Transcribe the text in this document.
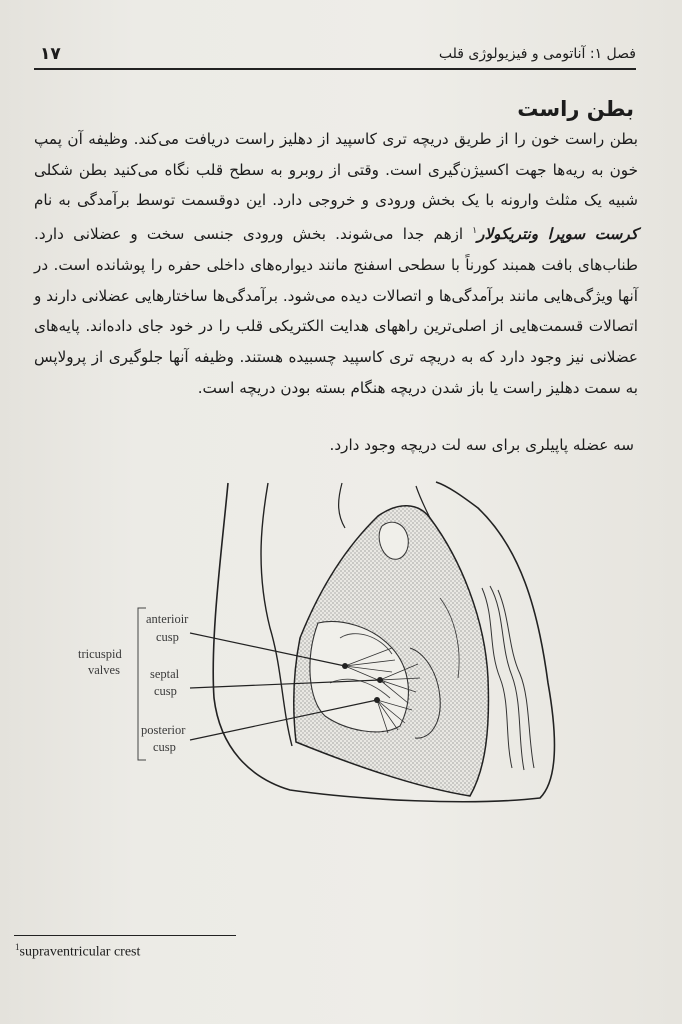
۱۷	فصل ۱: آناتومی و فیزیولوژی قلب
بطن راست
بطن راست خون را از طریق دریچه تری کاسپید از دهلیز راست دریافت می‌کند. وظیفه آن پمپ خون به ریه‌ها جهت اکسیژن‌گیری است. وقتی از روبرو به سطح قلب نگاه می‌کنید بطن شکلی شبیه یک مثلث وارونه با یک بخش ورودی و خروجی دارد. این دوقسمت توسط برآمدگی به نام کرست سوپرا ونتریکولار$^۱$ ازهم جدا می‌شوند. بخش ورودی جنسی سخت و عضلانی دارد. طناب‌های بافت همبند کورناً با سطحی اسفنج مانند دیواره‌های داخلی حفره را پوشانده است. در آنها ویژگی‌هایی مانند برآمدگی‌ها و اتصالات دیده می‌شود. برآمدگی‌ها ساختارهایی عضلانی دارند و اتصالات قسمت‌هایی از اصلی‌ترین راههای هدایت الکتریکی قلب را در خود جای داده‌اند. پایه‌های عضلانی نیز وجود دارد که به دریچه تری کاسپید چسبیده هستند. وظیفه آنها جلوگیری از پرولاپس به سمت دهلیز راست یا باز شدن دریچه هنگام بسته بودن دریچه است.
سه عضله پاپیلری برای سه لت دریچه وجود دارد.
tricuspid
valves
anterioir
cusp
septal
cusp
posterior
cusp
$^1$supraventricular crest
